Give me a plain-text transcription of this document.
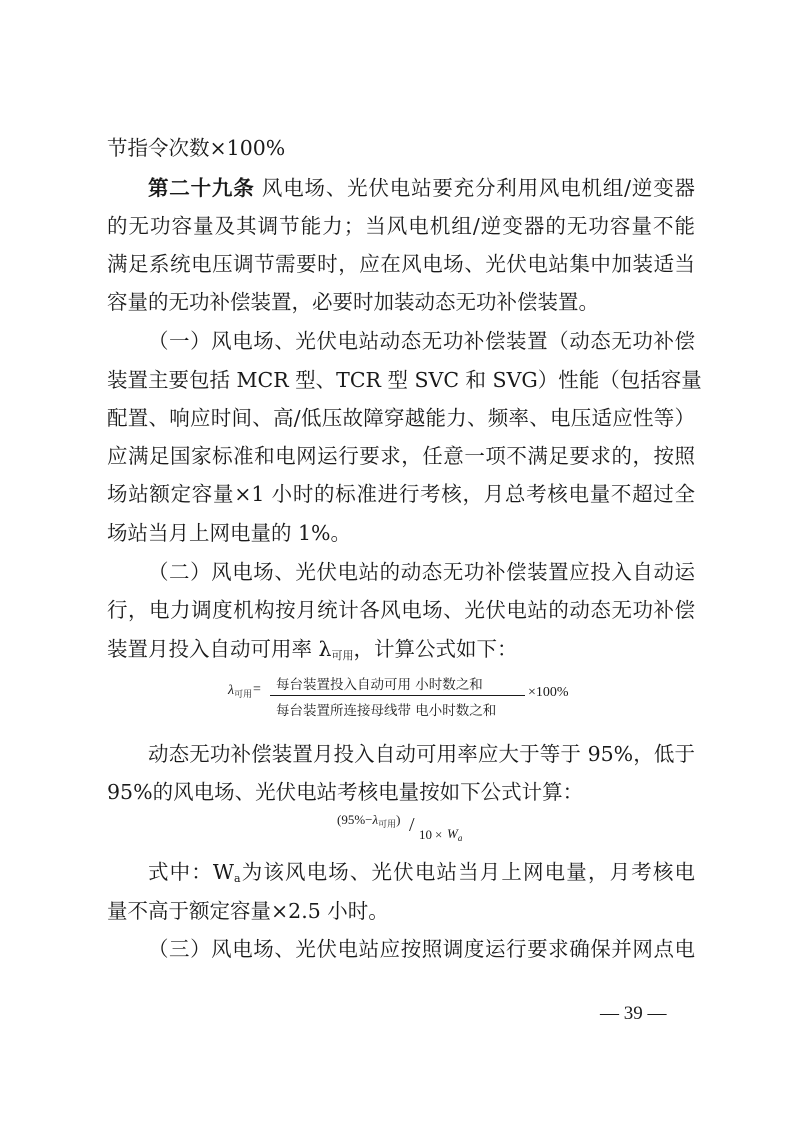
节指令次数×100%
第二十九条 风电场、光伏电站要充分利用风电机组/逆变器
的无功容量及其调节能力；当风电机组/逆变器的无功容量不能
满足系统电压调节需要时，应在风电场、光伏电站集中加装适当
容量的无功补偿装置，必要时加装动态无功补偿装置。
（一）风电场、光伏电站动态无功补偿装置（动态无功补偿
装置主要包括 MCR 型、TCR 型 SVC 和 SVG）性能（包括容量
配置、响应时间、高/低压故障穿越能力、频率、电压适应性等）
应满足国家标准和电网运行要求，任意一项不满足要求的，按照
场站额定容量×1 小时的标准进行考核，月总考核电量不超过全
场站当月上网电量的 1%。
（二）风电场、光伏电站的动态无功补偿装置应投入自动运
行，电力调度机构按月统计各风电场、光伏电站的动态无功补偿
装置月投入自动可用率 $\lambda_{可用}$，计算公式如下：
$\lambda_{可用}$ = 每台装置投入自动可用 小时数之和
每台装置所连接母线带 电小时数之和
×100%
动态无功补偿装置月投入自动可用率应大于等于 95%，低于
95%的风电场、光伏电站考核电量按如下公式计算：
$(95\%-\lambda_{可用}) / 10 \times W_a$
式中：$W_a$为该风电场、光伏电站当月上网电量，月考核电
量不高于额定容量×2.5 小时。
（三）风电场、光伏电站应按照调度运行要求确保并网点电
— 39 —
